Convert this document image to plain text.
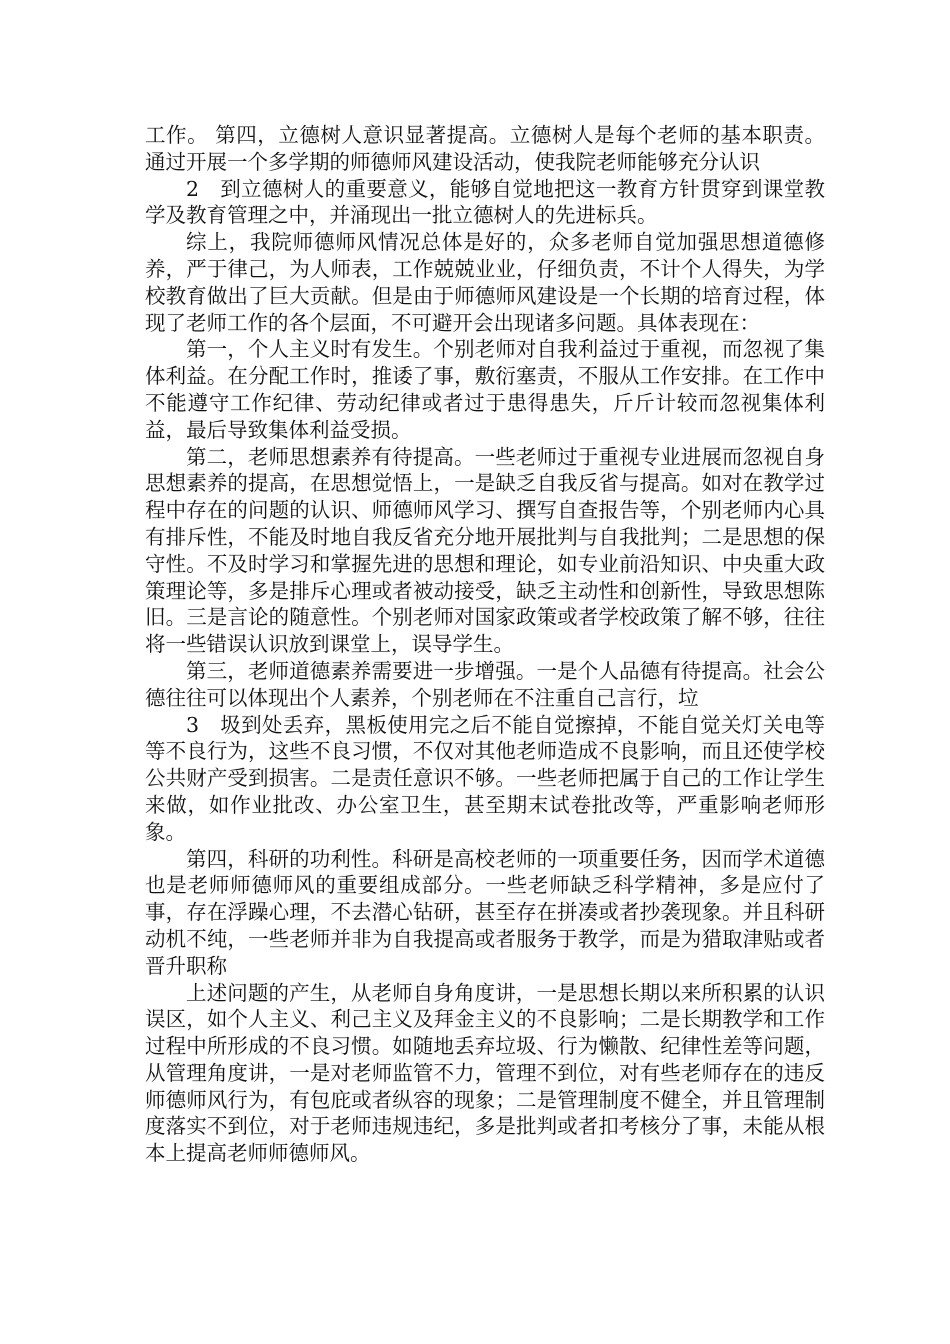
工作。 第四，立德树人意识显著提高。立德树人是每个老师的基本职责。通过开展一个多学期的师德师风建设活动，使我院老师能够充分认识

2　到立德树人的重要意义，能够自觉地把这一教育方针贯穿到课堂教学及教育管理之中，并涌现出一批立德树人的先进标兵。

综上，我院师德师风情况总体是好的，众多老师自觉加强思想道德修养，严于律己，为人师表，工作兢兢业业，仔细负责，不计个人得失，为学校教育做出了巨大贡献。但是由于师德师风建设是一个长期的培育过程，体现了老师工作的各个层面，不可避开会出现诸多问题。具体表现在：

第一，个人主义时有发生。个别老师对自我利益过于重视，而忽视了集体利益。在分配工作时，推诿了事，敷衍塞责，不服从工作安排。在工作中不能遵守工作纪律、劳动纪律或者过于患得患失，斤斤计较而忽视集体利益，最后导致集体利益受损。

第二，老师思想素养有待提高。一些老师过于重视专业进展而忽视自身思想素养的提高，在思想觉悟上，一是缺乏自我反省与提高。如对在教学过程中存在的问题的认识、师德师风学习、撰写自查报告等，个别老师内心具有排斥性，不能及时地自我反省充分地开展批判与自我批判；二是思想的保守性。不及时学习和掌握先进的思想和理论，如专业前沿知识、中央重大政策理论等，多是排斥心理或者被动接受，缺乏主动性和创新性，导致思想陈旧。三是言论的随意性。个别老师对国家政策或者学校政策了解不够，往往将一些错误认识放到课堂上，误导学生。

第三，老师道德素养需要进一步增强。一是个人品德有待提高。社会公德往往可以体现出个人素养，个别老师在不注重自己言行，垃

3　圾到处丢弃，黑板使用完之后不能自觉擦掉，不能自觉关灯关电等等不良行为，这些不良习惯，不仅对其他老师造成不良影响，而且还使学校公共财产受到损害。二是责任意识不够。一些老师把属于自己的工作让学生来做，如作业批改、办公室卫生，甚至期末试卷批改等，严重影响老师形象。

第四，科研的功利性。科研是高校老师的一项重要任务，因而学术道德也是老师师德师风的重要组成部分。一些老师缺乏科学精神，多是应付了事，存在浮躁心理，不去潜心钻研，甚至存在拼凑或者抄袭现象。并且科研动机不纯，一些老师并非为自我提高或者服务于教学，而是为猎取津贴或者晋升职称

上述问题的产生，从老师自身角度讲，一是思想长期以来所积累的认识误区，如个人主义、利己主义及拜金主义的不良影响；二是长期教学和工作过程中所形成的不良习惯。如随地丢弃垃圾、行为懒散、纪律性差等问题，从管理角度讲，一是对老师监管不力，管理不到位，对有些老师存在的违反师德师风行为，有包庇或者纵容的现象；二是管理制度不健全，并且管理制度落实不到位，对于老师违规违纪，多是批判或者扣考核分了事，未能从根本上提高老师师德师风。
